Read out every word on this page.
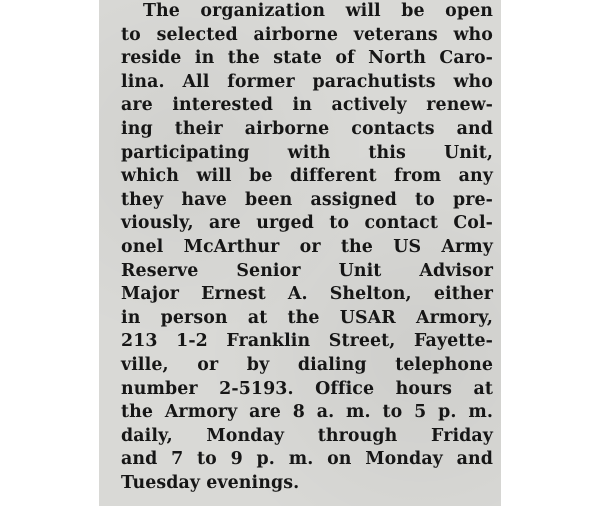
The organization will be open
to selected airborne veterans who
reside in the state of North Caro-
lina. All former parachutists who
are interested in actively renew-
ing their airborne contacts and
participating with this Unit,
which will be different from any
they have been assigned to pre-
viously, are urged to contact Col-
onel McArthur or the US Army
Reserve Senior Unit Advisor
Major Ernest A. Shelton, either
in person at the USAR Armory,
213 1-2 Franklin Street, Fayette-
ville, or by dialing telephone
number 2-5193. Office hours at
the Armory are 8 a. m. to 5 p. m.
daily, Monday through Friday
and 7 to 9 p. m. on Monday and
Tuesday evenings.
